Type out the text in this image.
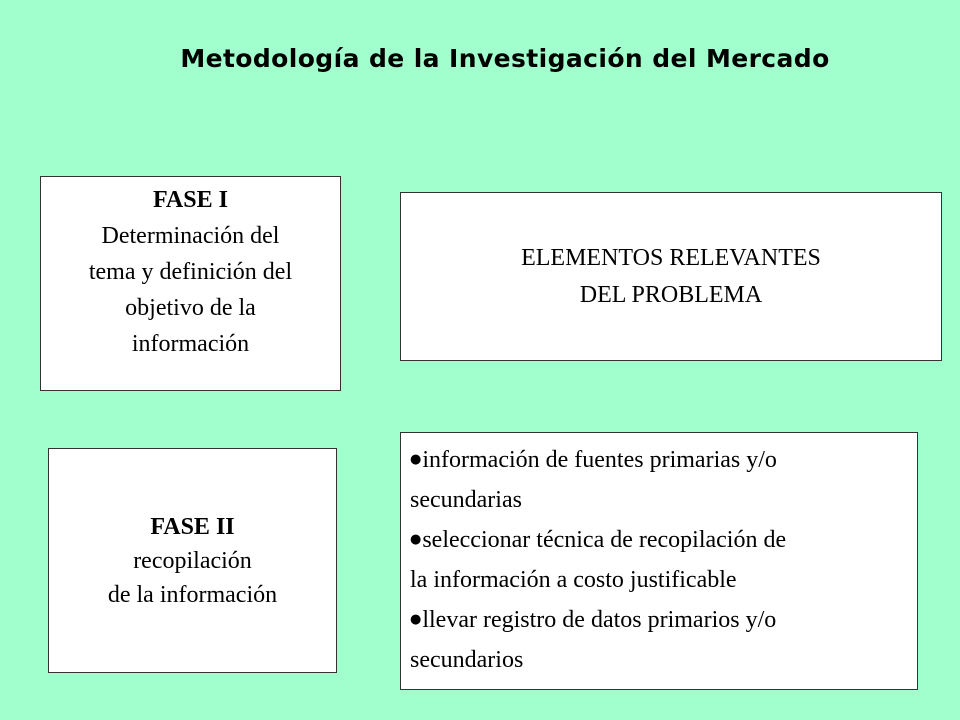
Metodología de la Investigación del Mercado
FASE I
Determinación del
tema y definición del
objetivo de la
información
ELEMENTOS RELEVANTES
DEL PROBLEMA
FASE II
recopilación
de la información
●información de fuentes primarias y/o
secundarias
●seleccionar técnica de recopilación de
la información a costo justificable
●llevar registro de datos primarios y/o
secundarios
